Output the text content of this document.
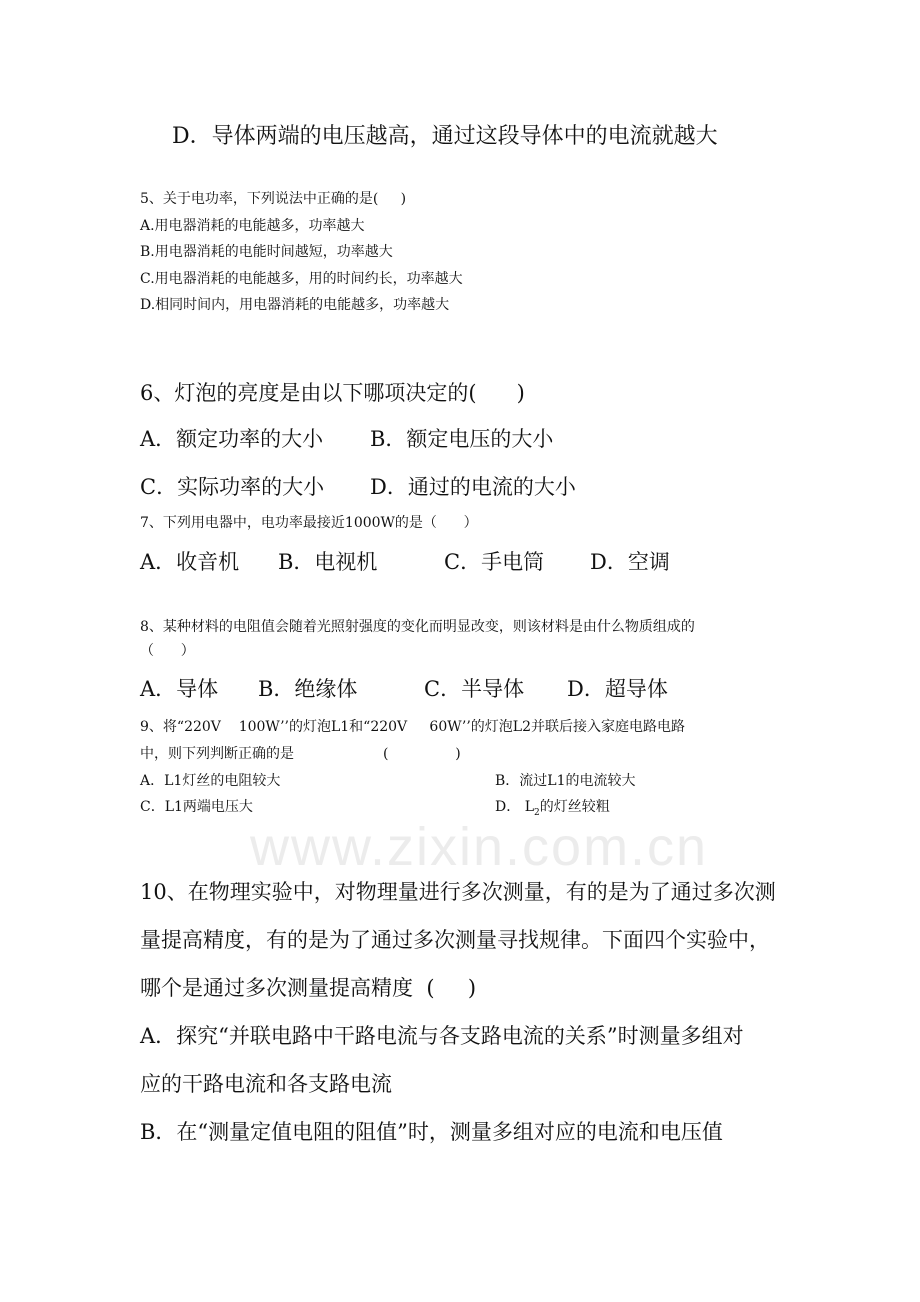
www.zixin.com.cn
D．导体两端的电压越高，通过这段导体中的电流就越大
5、关于电功率，下列说法中正确的是(     )
A.用电器消耗的电能越多，功率越大
B.用电器消耗的电能时间越短，功率越大
C.用电器消耗的电能越多，用的时间约长，功率越大
D.相同时间内，用电器消耗的电能越多，功率越大
6、灯泡的亮度是由以下哪项决定的(      )
A．额定功率的大小 B．额定电压的大小
C．实际功率的大小 D．通过的电流的大小
7、下列用电器中，电功率最接近1000W的是（      ）
A．收音机 B．电视机	C．手电筒 D．空调
8、某种材料的电阻值会随着光照射强度的变化而明显改变，则该材料是由什么物质组成的
（      ）
A．导体 B．绝缘体	C．半导体 D．超导体
9、将“220V    100W’’的灯泡L1和“220V     60W’’的灯泡L2并联后接入家庭电路电路
中，则下列判断正确的是                    (               )
A．L1灯丝的电阻较大	B．流过L1的电流较大
C．L1两端电压大	D． $L_2$的灯丝较粗
10、在物理实验中，对物理量进行多次测量，有的是为了通过多次测
量提高精度，有的是为了通过多次测量寻找规律。下面四个实验中，
哪个是通过多次测量提高精度  (     )
A．探究“并联电路中干路电流与各支路电流的关系”时测量多组对
应的干路电流和各支路电流
B．在“测量定值电阻的阻值”时，测量多组对应的电流和电压值
